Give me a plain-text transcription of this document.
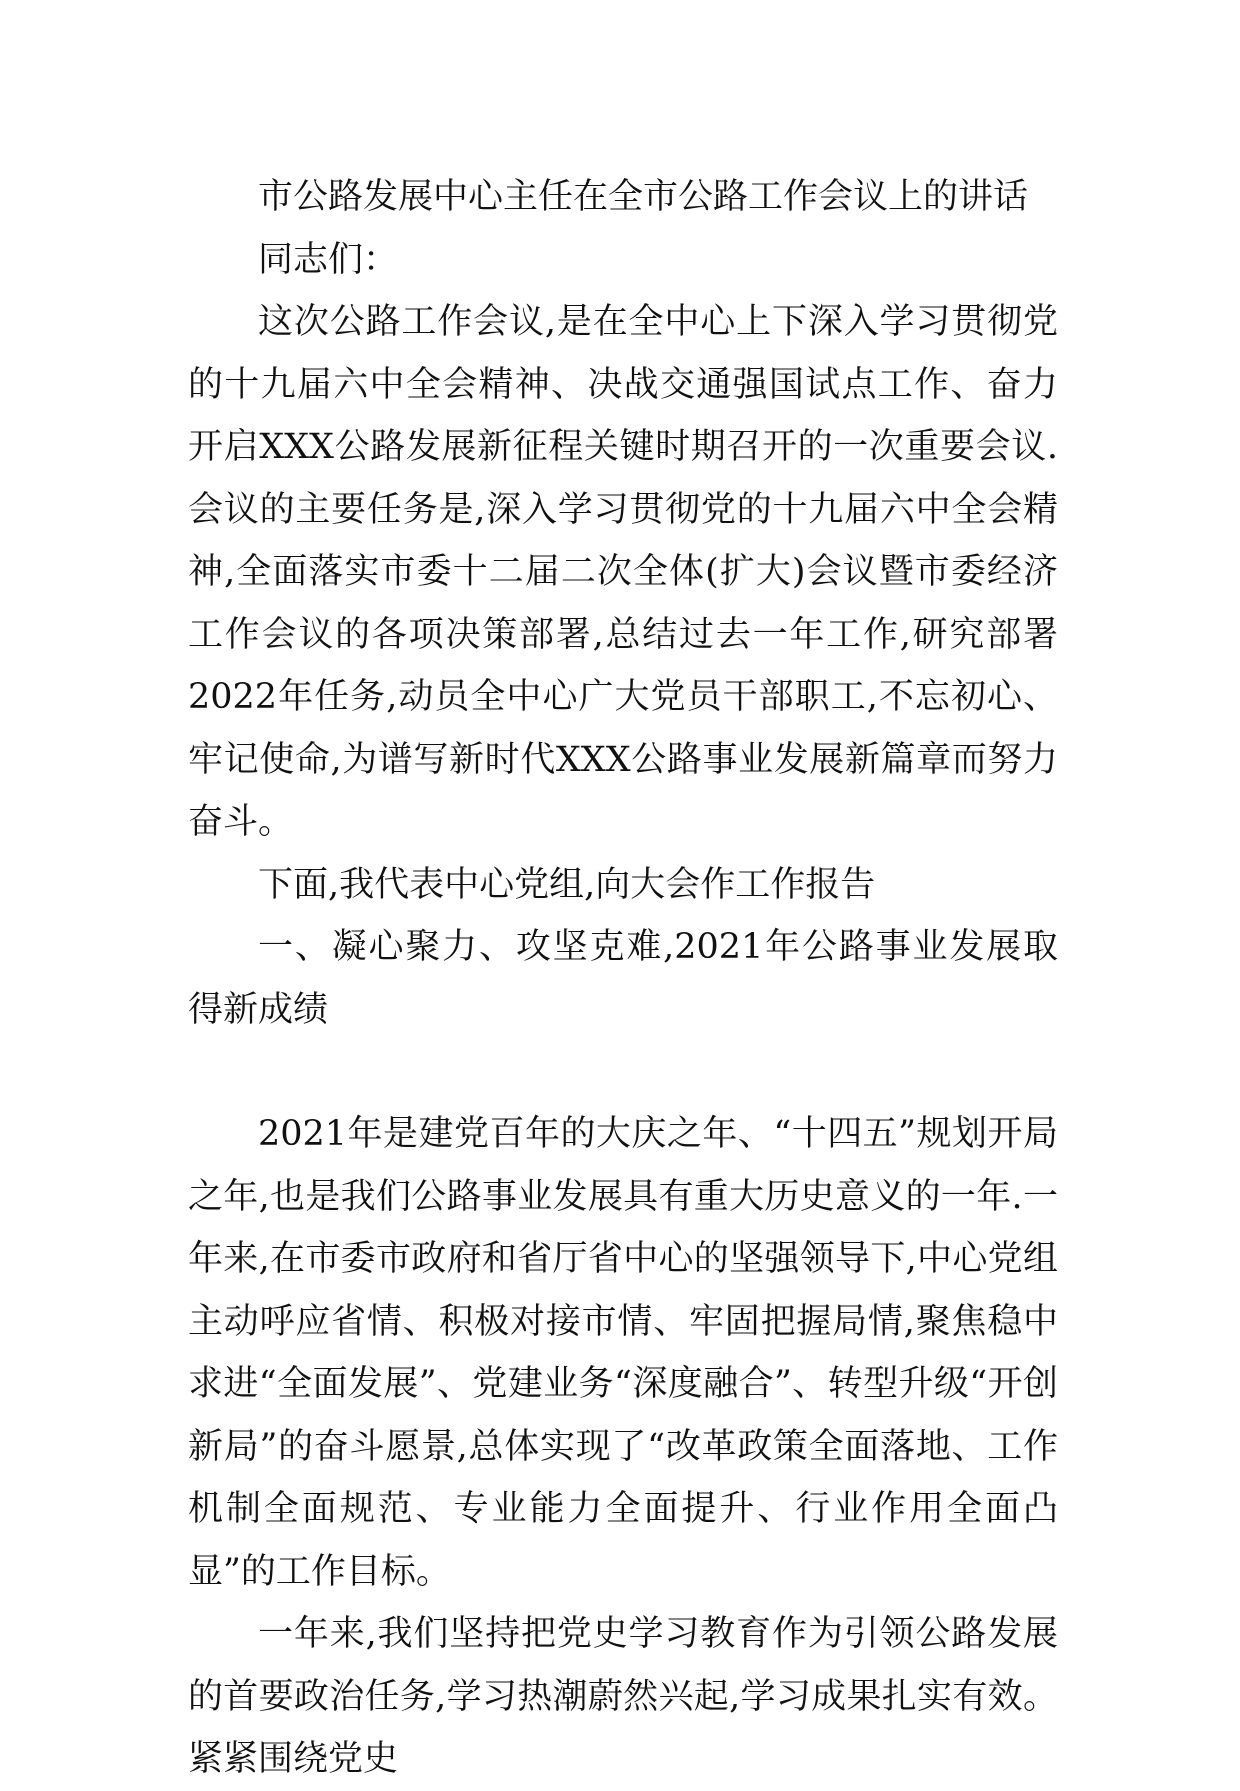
市公路发展中心主任在全市公路工作会议上的讲话

同志们：

这次公路工作会议,是在全中心上下深入学习贯彻党的十九届六中全会精神、决战交通强国试点工作、奋力开启XXX公路发展新征程关键时期召开的一次重要会议.会议的主要任务是,深入学习贯彻党的十九届六中全会精神,全面落实市委十二届二次全体(扩大)会议暨市委经济工作会议的各项决策部署,总结过去一年工作,研究部署2022年任务,动员全中心广大党员干部职工,不忘初心、牢记使命,为谱写新时代XXX公路事业发展新篇章而努力奋斗。

下面,我代表中心党组,向大会作工作报告

一、凝心聚力、攻坚克难,2021年公路事业发展取得新成绩

2021年是建党百年的大庆之年、“十四五”规划开局之年,也是我们公路事业发展具有重大历史意义的一年.一年来,在市委市政府和省厅省中心的坚强领导下,中心党组主动呼应省情、积极对接市情、牢固把握局情,聚焦稳中求进“全面发展”、党建业务“深度融合”、转型升级“开创新局”的奋斗愿景,总体实现了“改革政策全面落地、工作机制全面规范、专业能力全面提升、行业作用全面凸显”的工作目标。

一年来,我们坚持把党史学习教育作为引领公路发展的首要政治任务,学习热潮蔚然兴起,学习成果扎实有效。紧紧围绕党史
